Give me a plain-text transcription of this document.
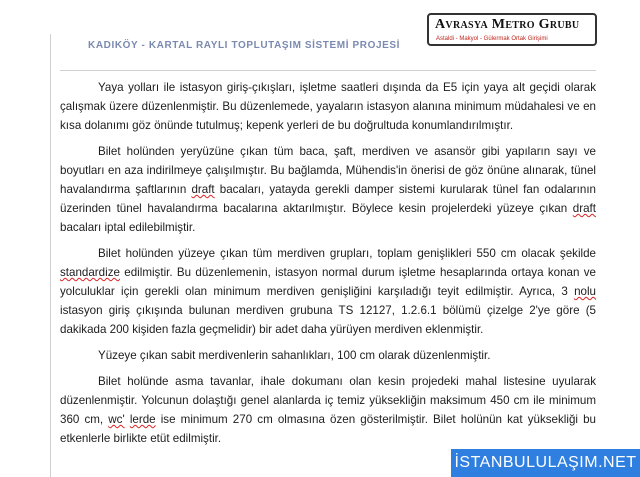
KADIKÖY - KARTAL RAYLI TOPLUTAŞIM SİSTEMİ PROJESİ
AVRASYA METRO GRUBU
Astaldi - Makyol - Gülermak Ortak Girişimi

Yaya yolları ile istasyon giriş-çıkışları, işletme saatleri dışında da E5 için yaya alt geçidi olarak çalışmak üzere düzenlenmiştir. Bu düzenlemede, yayaların istasyon alanına minimum müdahalesi ve en kısa dolanımı göz önünde tutulmuş; kepenk yerleri de bu doğrultuda konumlandırılmıştır.

Bilet holünden yeryüzüne çıkan tüm baca, şaft, merdiven ve asansör gibi yapıların sayı ve boyutları en aza indirilmeye çalışılmıştır. Bu bağlamda, Mühendis'in önerisi de göz önüne alınarak, tünel havalandırma şaftlarının draft bacaları, yatayda gerekli damper sistemi kurularak tünel fan odalarının üzerinden tünel havalandırma bacalarına aktarılmıştır. Böylece kesin projelerdeki yüzeye çıkan draft bacaları iptal edilebilmiştir.

Bilet holünden yüzeye çıkan tüm merdiven grupları, toplam genişlikleri 550 cm olacak şekilde standardize edilmiştir. Bu düzenlemenin, istasyon normal durum işletme hesaplarında ortaya konan ve yolculuklar için gerekli olan minimum merdiven genişliğini karşıladığı teyit edilmiştir. Ayrıca, 3 nolu istasyon giriş çıkışında bulunan merdiven grubuna TS 12127, 1.2.6.1 bölümü çizelge 2'ye göre (5 dakikada 200 kişiden fazla geçmelidir) bir adet daha yürüyen merdiven eklenmiştir.

Yüzeye çıkan sabit merdivenlerin sahanlıkları, 100 cm olarak düzenlenmiştir.

Bilet holünde asma tavanlar, ihale dokumanı olan kesin projedeki mahal listesine uyularak düzenlenmiştir. Yolcunun dolaştığı genel alanlarda iç temiz yüksekliğin maksimum 450 cm ile minimum 360 cm, wc' lerde ise minimum 270 cm olmasına özen gösterilmiştir. Bilet holünün kat yüksekliği bu etkenlerle birlikte etüt edilmiştir.

İSTANBULULAŞIM.NET
